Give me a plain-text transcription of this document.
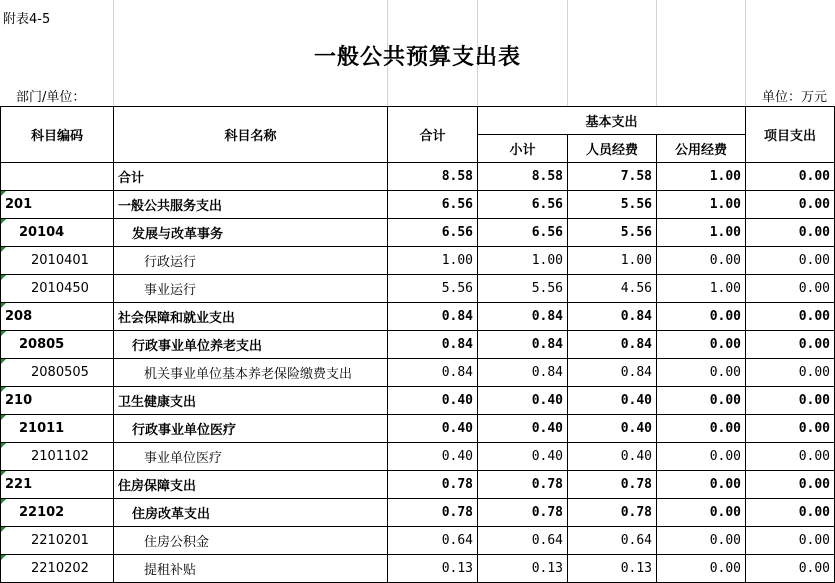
附表4-5
一般公共预算支出表
部门/单位：	单位：万元
科目编码	科目名称	合计	基本支出			项目支出
			小计	人员经费	公用经费	
	合计	8.58	8.58	7.58	1.00	0.00

201	一般公共服务支出	6.56	6.56	5.56	1.00	0.00

20104	发展与改革事务	6.56	6.56	5.56	1.00	0.00

2010401	行政运行	1.00	1.00	1.00	0.00	0.00

2010450	事业运行	5.56	5.56	4.56	1.00	0.00

208	社会保障和就业支出	0.84	0.84	0.84	0.00	0.00

20805	行政事业单位养老支出	0.84	0.84	0.84	0.00	0.00

2080505	机关事业单位基本养老保险缴费支出	0.84	0.84	0.84	0.00	0.00

210	卫生健康支出	0.40	0.40	0.40	0.00	0.00

21011	行政事业单位医疗	0.40	0.40	0.40	0.00	0.00

2101102	事业单位医疗	0.40	0.40	0.40	0.00	0.00

221	住房保障支出	0.78	0.78	0.78	0.00	0.00

22102	住房改革支出	0.78	0.78	0.78	0.00	0.00

2210201	住房公积金	0.64	0.64	0.64	0.00	0.00

2210202	提租补贴	0.13	0.13	0.13	0.00	0.00
